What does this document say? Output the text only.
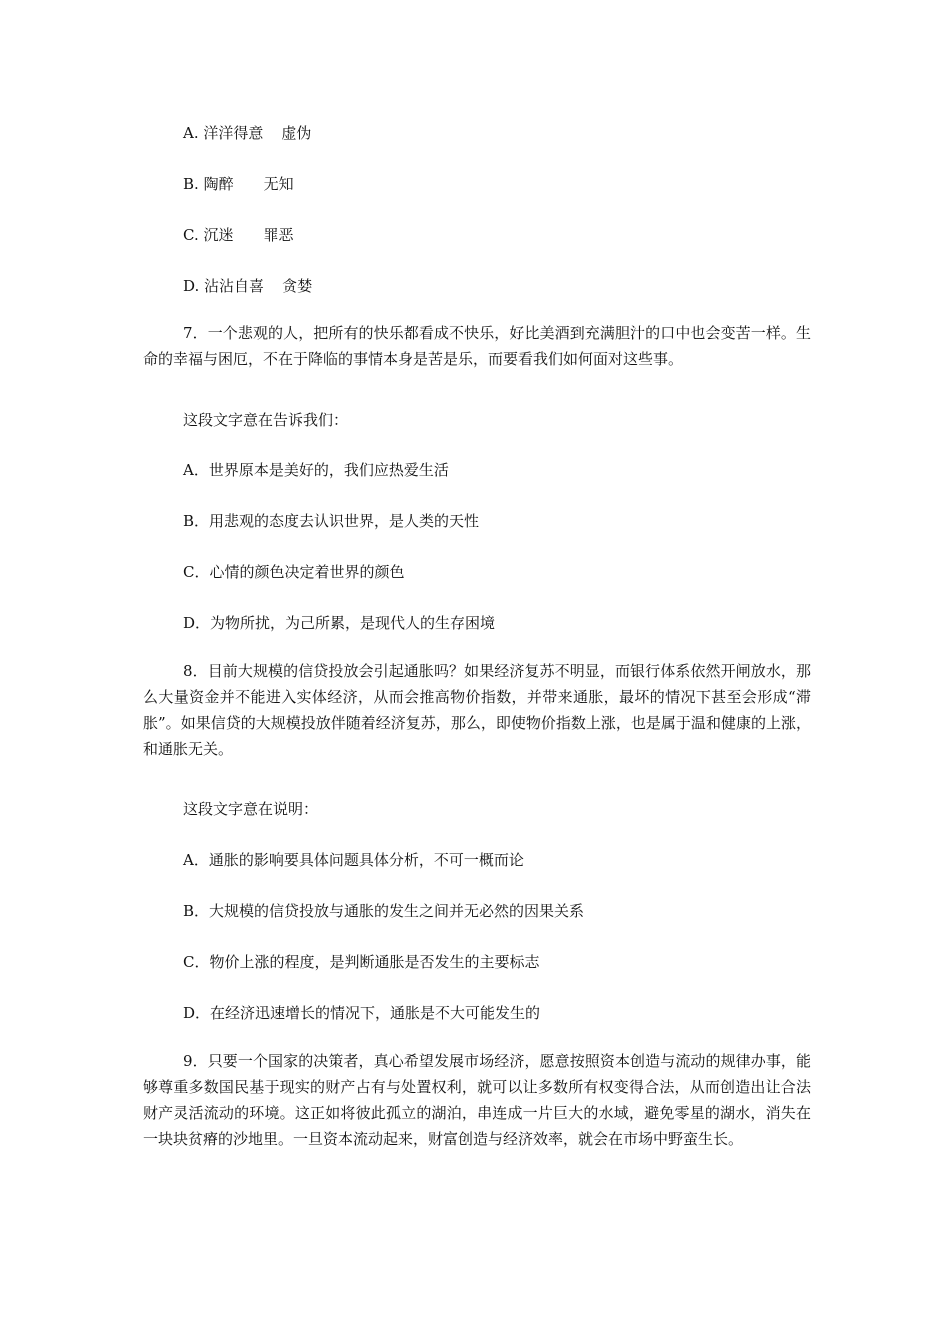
A. 洋洋得意 虚伪
B. 陶醉 无知
C. 沉迷 罪恶
D. 沾沾自喜 贪婪
7．一个悲观的人，把所有的快乐都看成不快乐，好比美酒到充满胆汁的口中也会变苦一样。生命的幸福与困厄，不在于降临的事情本身是苦是乐，而要看我们如何面对这些事。
这段文字意在告诉我们：
A．世界原本是美好的，我们应热爱生活
B．用悲观的态度去认识世界，是人类的天性
C．心情的颜色决定着世界的颜色
D．为物所扰，为己所累，是现代人的生存困境
8．目前大规模的信贷投放会引起通胀吗？如果经济复苏不明显，而银行体系依然开闸放水，那么大量资金并不能进入实体经济，从而会推高物价指数，并带来通胀，最坏的情况下甚至会形成“滞胀”。如果信贷的大规模投放伴随着经济复苏，那么，即使物价指数上涨，也是属于温和健康的上涨，和通胀无关。
这段文字意在说明：
A．通胀的影响要具体问题具体分析，不可一概而论
B．大规模的信贷投放与通胀的发生之间并无必然的因果关系
C．物价上涨的程度，是判断通胀是否发生的主要标志
D．在经济迅速增长的情况下，通胀是不大可能发生的
9．只要一个国家的决策者，真心希望发展市场经济，愿意按照资本创造与流动的规律办事，能够尊重多数国民基于现实的财产占有与处置权利，就可以让多数所有权变得合法，从而创造出让合法财产灵活流动的环境。这正如将彼此孤立的湖泊，串连成一片巨大的水域，避免零星的湖水，消失在一块块贫瘠的沙地里。一旦资本流动起来，财富创造与经济效率，就会在市场中野蛮生长。
